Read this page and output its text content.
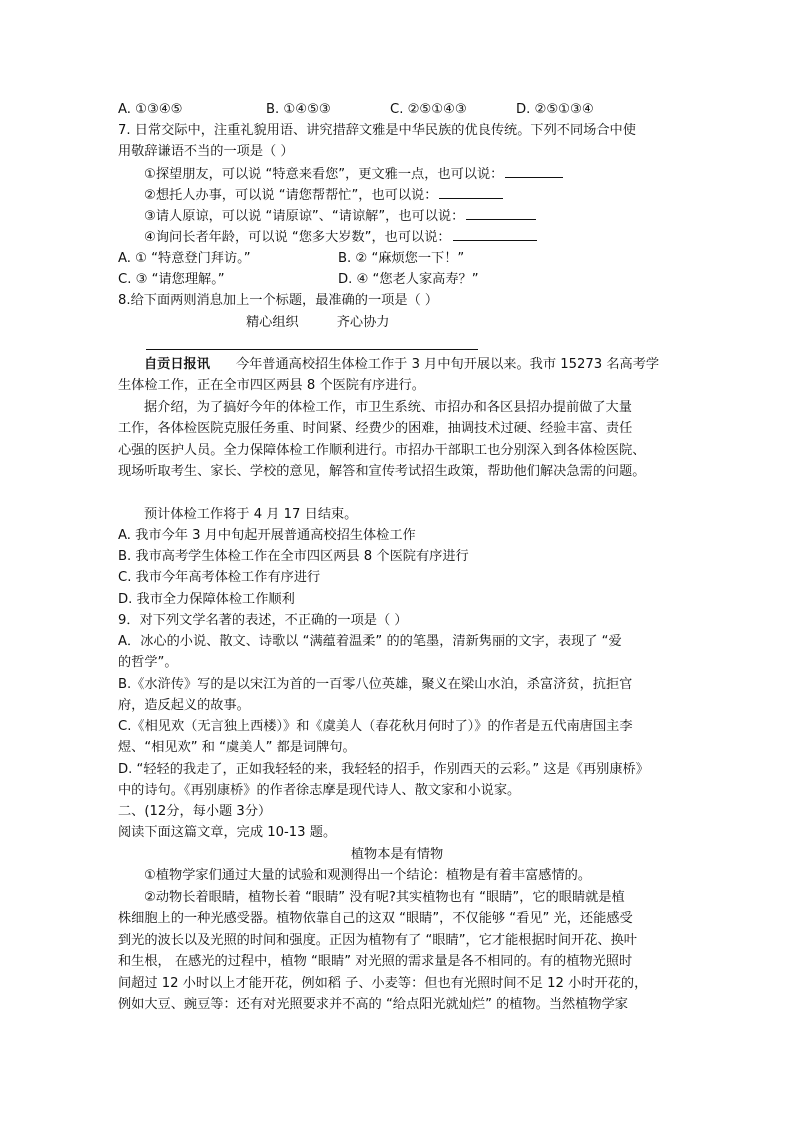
A. ①③④⑤	B. ①④⑤③	C. ②⑤①④③	D. ②⑤①③④
7. 日常交际中，注重礼貌用语、讲究措辞文雅是中华民族的优良传统。下列不同场合中使
用敬辞谦语不当的一项是（ ）
①探望朋友，可以说 “特意来看您”，更文雅一点，也可以说：
②想托人办事，可以说 “请您帮帮忙”，也可以说：
③请人原谅，可以说 “请原谅”、“请谅解”，也可以说：
④询问长者年龄，可以说 “您多大岁数”，也可以说：
A. ① “特意登门拜访。”	B. ② “麻烦您一下！”
C. ③ “请您理解。”	D. ④ “您老人家高寿？”
8.给下面两则消息加上一个标题，最准确的一项是（ ）
精心组织	齐心协力
自贡日报讯 今年普通高校招生体检工作于 3 月中旬开展以来。我市 15273 名高考学
生体检工作，正在全市四区两县 8 个医院有序进行。
据介绍，为了搞好今年的体检工作，市卫生系统、市招办和各区县招办提前做了大量
工作，各体检医院克服任务重、时间紧、经费少的困难，抽调技术过硬、经验丰富、责任
心强的医护人员。全力保障体检工作顺利进行。市招办干部职工也分别深入到各体检医院、
现场听取考生、家长、学校的意见，解答和宣传考试招生政策，帮助他们解决急需的问题。
预计体检工作将于 4 月 17 日结束。
A. 我市今年 3 月中旬起开展普通高校招生体检工作
B. 我市高考学生体检工作在全市四区两县 8 个医院有序进行
C. 我市今年高考体检工作有序进行
D. 我市全力保障体检工作顺利
9．对下列文学名著的表述，不正确的一项是（ ）
A．冰心的小说、散文、诗歌以 “满蕴着温柔” 的的笔墨，清新隽丽的文字，表现了 “爱
的哲学”。
B.《水浒传》写的是以宋江为首的一百零八位英雄，聚义在梁山水泊，杀富济贫，抗拒官
府，造反起义的故事。
C.《相见欢（无言独上西楼）》和《虞美人（春花秋月何时了）》的作者是五代南唐国主李
煜、“相见欢” 和 “虞美人” 都是词牌句。
D. “轻轻的我走了，正如我轻轻的来，我轻轻的招手，作别西天的云彩。” 这是《再别康桥》
中的诗句。《再别康桥》的作者徐志摩是现代诗人、散文家和小说家。
二、(12分，每小题 3分）
阅读下面这篇文章，完成 10-13 题。
植物本是有情物
①植物学家们通过大量的试验和观测得出一个结论：植物是有着丰富感情的。
②动物长着眼睛，植物长着 “眼睛” 没有呢?其实植物也有 “眼睛”，它的眼睛就是植
株细胞上的一种光感受器。植物依靠自己的这双 “眼睛”，不仅能够 “看见” 光，还能感受
到光的波长以及光照的时间和强度。正因为植物有了 “眼睛”，它才能根据时间开花、换叶
和生根， 在感光的过程中，植物 “眼睛” 对光照的需求量是各不相同的。有的植物光照时
间超过 12 小时以上才能开花，例如稻 子、小麦等：但也有光照时间不足 12 小时开花的，
例如大豆、豌豆等：还有对光照要求并不高的 “给点阳光就灿烂” 的植物。当然植物学家
